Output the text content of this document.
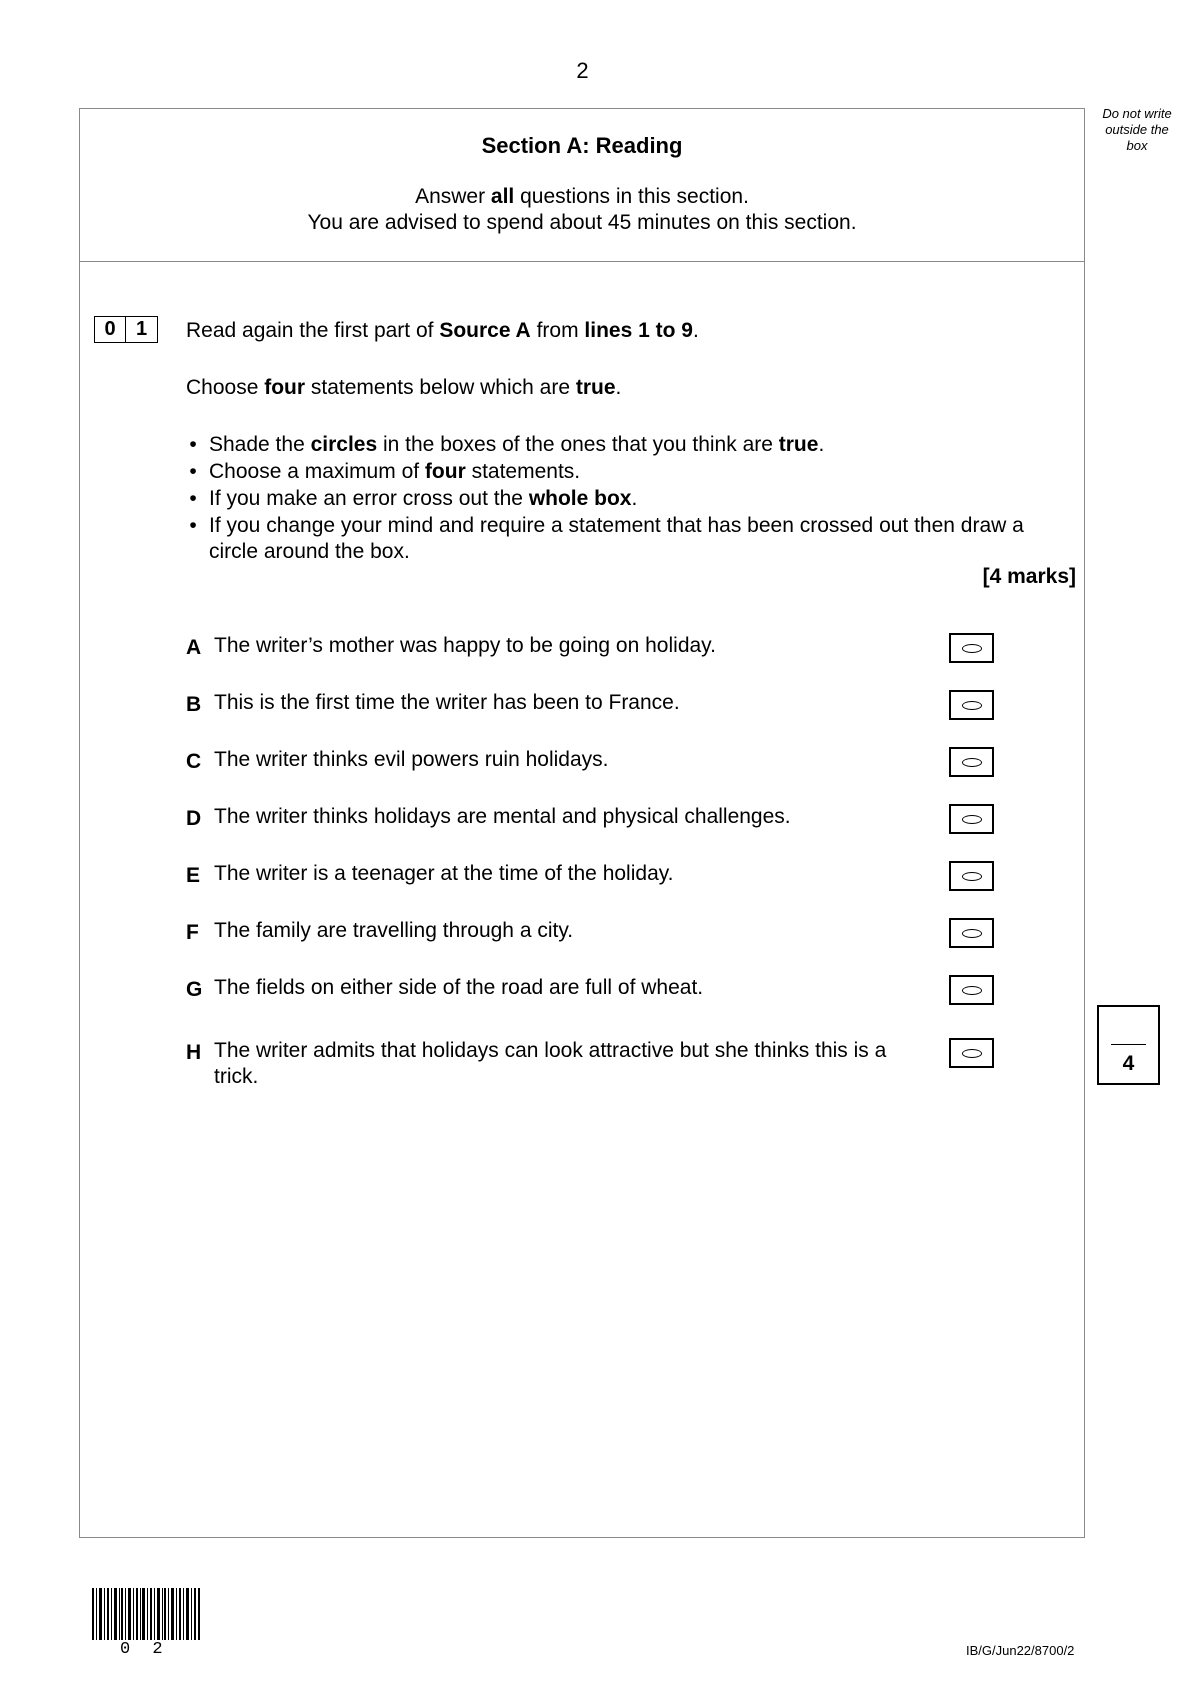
2
Do not write outside the box
Section A: Reading
Answer all questions in this section.
You are advised to spend about 45 minutes on this section.
0	1	Read again the first part of Source A from lines 1 to 9.
Choose four statements below which are true.
• Shade the circles in the boxes of the ones that you think are true.
• Choose a maximum of four statements.
• If you make an error cross out the whole box.
• If you change your mind and require a statement that has been crossed out then draw a circle around the box.
[4 marks]
A The writer’s mother was happy to be going on holiday.
B This is the first time the writer has been to France.
C The writer thinks evil powers ruin holidays.
D The writer thinks holidays are mental and physical challenges.
E The writer is a teenager at the time of the holiday.
F The family are travelling through a city.
G The fields on either side of the road are full of wheat.
H The writer admits that holidays can look attractive but she thinks this is a trick.
4
0 2	IB/G/Jun22/8700/2
